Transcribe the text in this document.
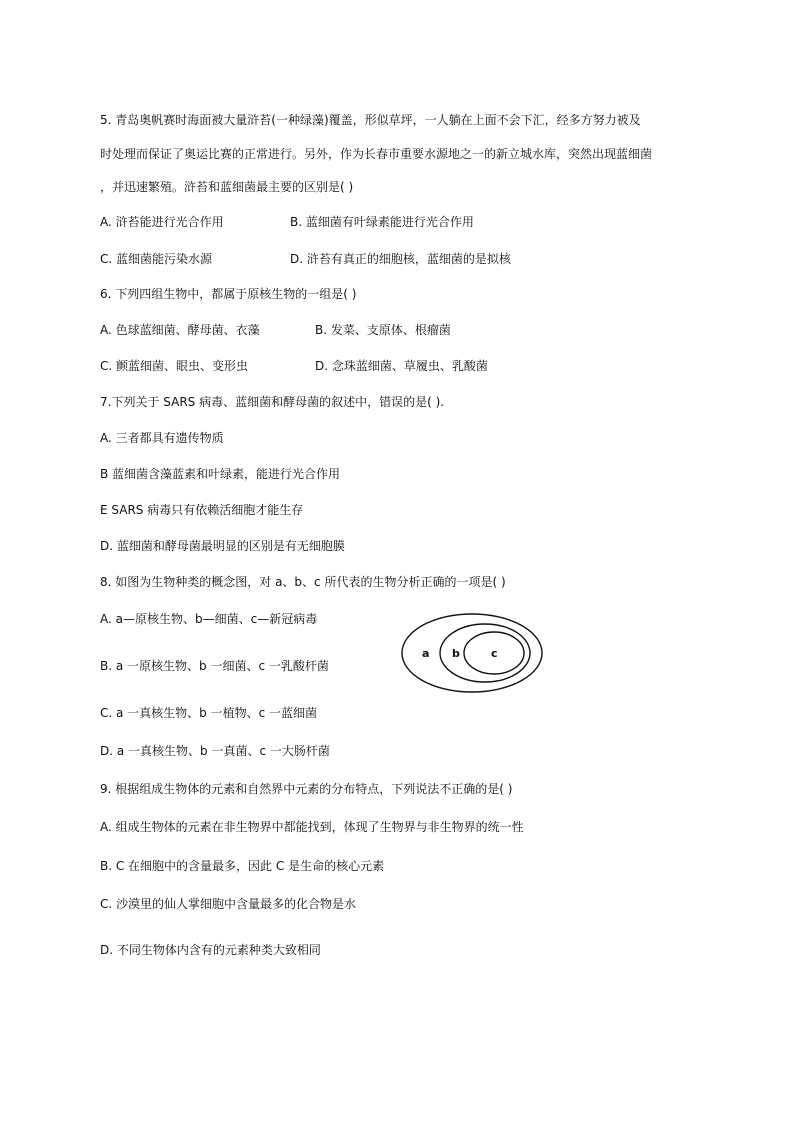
5. 青岛奥帆赛时海面被大量浒苔(一种绿藻)覆盖，形似草坪，一人躺在上面不会下汇，经多方努力被及
时处理而保证了奥运比赛的正常进行。另外，作为长春市重要水源地之一的新立城水库，突然出现蓝细菌
，并迅速繁殖。浒苔和蓝细菌最主要的区别是( )
A. 浒苔能进行光合作用	B. 蓝细菌有叶绿素能进行光合作用
C. 蓝细菌能污染水源	D. 浒苔有真正的细胞核，蓝细菌的是拟核
6. 下列四组生物中，都属于原核生物的一组是( )
A. 色球蓝细菌、酵母菌、衣藻	B. 发菜、支原体、根瘤菌
C. 颤蓝细菌、眼虫、变形虫	D. 念珠蓝细菌、草履虫、乳酸菌
7.下列关于 SARS 病毒、蓝细菌和酵母菌的叙述中，错误的是( ).
A. 三者都具有遗传物质
B 蓝细菌含藻蓝素和叶绿素，能进行光合作用
E SARS 病毒只有依赖活细胞才能生存
D. 蓝细菌和酵母菌最明显的区别是有无细胞膜
8. 如图为生物种类的概念图，对 a、b、c 所代表的生物分析正确的一项是( )
A. a—原核生物、b—细菌、c—新冠病毒
B. a 一原核生物、b 一细菌、c 一乳酸杆菌
C. a 一真核生物、b 一植物、c 一蓝细菌
D. a 一真核生物、b 一真菌、c 一大肠杆菌
a b	c
9. 根据组成生物体的元素和自然界中元素的分布特点，下列说法不正确的是( )
A. 组成生物体的元素在非生物界中都能找到，体现了生物界与非生物界的统一性
B. C 在细胞中的含量最多，因此 C 是生命的核心元素
C. 沙漠里的仙人掌细胞中含量最多的化合物是水
D. 不同生物体内含有的元素种类大致相同
